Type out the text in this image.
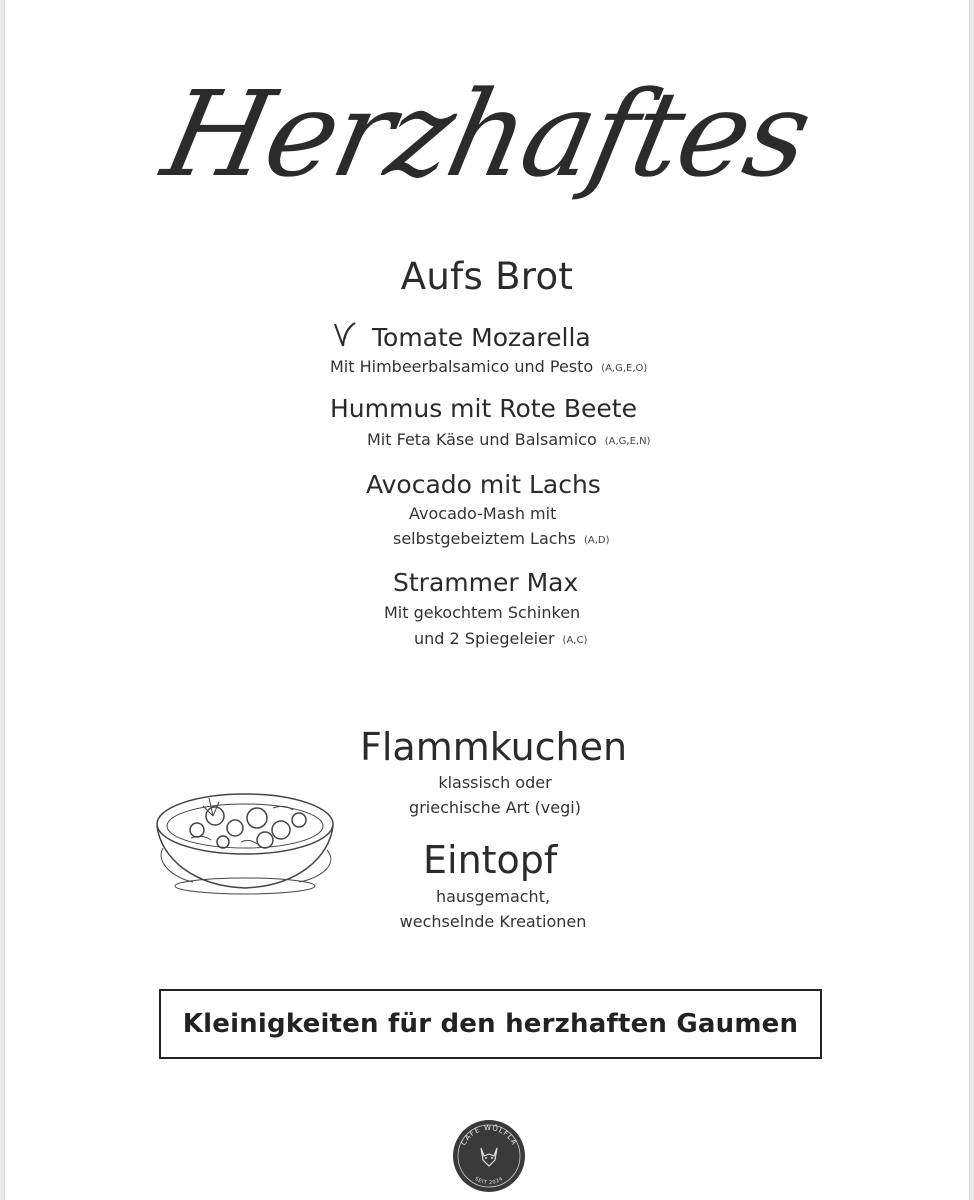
Herzhaftes
Aufs Brot
Tomate Mozarella
Mit Himbeerbalsamico und Pesto (A,G,E,O)
Hummus mit Rote Beete
Mit Feta Käse und Balsamico (A,G,E,N)
Avocado mit Lachs
Avocado-Mash mit
selbstgebeiztem Lachs (A,D)
Strammer Max
Mit gekochtem Schinken
und 2 Spiegeleier (A,C)
Flammkuchen
klassisch oder
griechische Art (vegi)
Eintopf
hausgemacht,
wechselnde Kreationen
Kleinigkeiten für den herzhaften Gaumen
CAFE WÖLFLA
SEIT 2024
